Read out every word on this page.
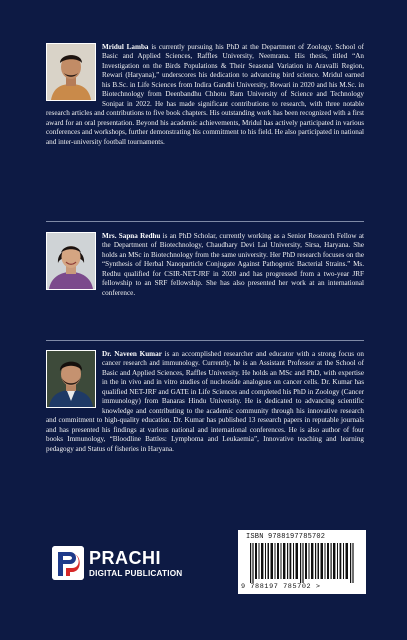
Mridul Lamba is currently pursuing his PhD at the Department of Zoology, School of Basic and Applied Sciences, Raffles University, Neemrana. His thesis, titled “An Investigation on the Birds Populations & Their Seasonal Variation in Aravalli Region, Rewari (Haryana),” underscores his dedication to advancing bird science. Mridul earned his B.Sc. in Life Sciences from Indira Gandhi University, Rewari in 2020 and his M.Sc. in Biotechnology from Deenbandhu Chhotu Ram University of Science and Technology Sonipat in 2022. He has made significant contributions to research, with three notable research articles and contributions to five book chapters. His outstanding work has been recognized with a first award for an oral presentation. Beyond his academic achievements, Mridul has actively participated in various conferences and workshops, further demonstrating his commitment to his field. He also participated in national and inter-university football tournaments.

Mrs. Sapna Redhu is an PhD Scholar, currently working as a Senior Research Fellow at the Department of Biotechnology, Chaudhary Devi Lal University, Sirsa, Haryana. She holds an MSc in Biotechnology from the same university. Her PhD research focuses on the “Synthesis of Herbal Nanoparticle Conjugate Against Pathogenic Bacterial Strains.” Ms. Redhu qualified for CSIR-NET-JRF in 2020 and has progressed from a two-year JRF fellowship to an SRF fellowship. She has also presented her work at an international conference.

Dr. Naveen Kumar is an accomplished researcher and educator with a strong focus on cancer research and immunology. Currently, he is an Assistant Professor at the School of Basic and Applied Sciences, Raffles University. He holds an MSc and PhD, with expertise in the in vivo and in vitro studies of nucleoside analogues on cancer cells. Dr. Kumar has qualified NET-JRF and GATE in Life Sciences and completed his PhD in Zoology (Cancer immunology) from Banaras Hindu University. He is dedicated to advancing scientific knowledge and contributing to the academic community through his innovative research and commitment to high-quality education. Dr. Kumar has published 13 research papers in reputable journals and has presented his findings at various national and international conferences. He is also author of four books Immunology, “Bloodline Battles: Lymphoma and Leukaemia”, Innovative teaching and learning pedagogy and Status of fisheries in Haryana.

PRACHI
DIGITAL PUBLICATION
ISBN 9788197785702
9 788197 785702 >
